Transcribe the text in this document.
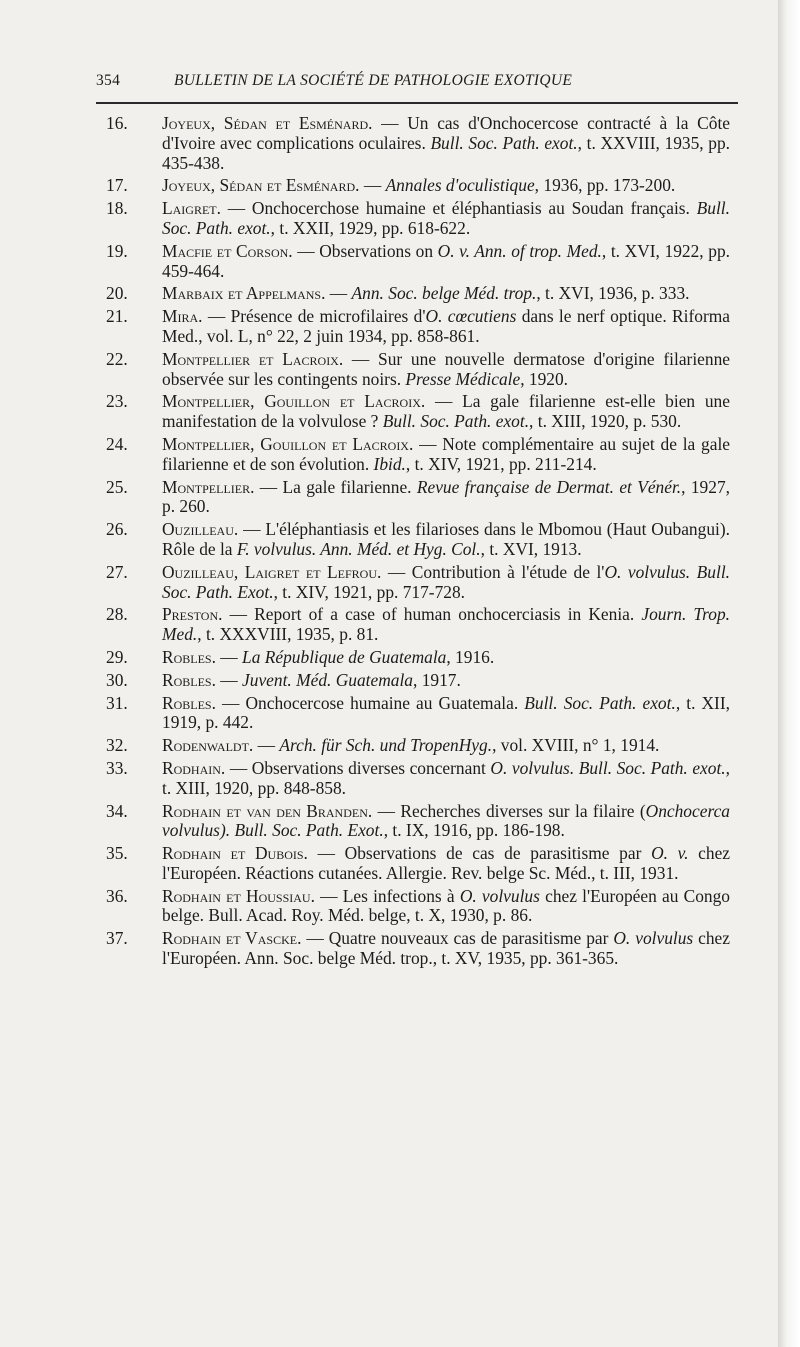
354	BULLETIN DE LA SOCIÉTÉ DE PATHOLOGIE EXOTIQUE
16. Joyeux, Sédan et Esménard. — Un cas d'Onchocercose contracté à la Côte d'Ivoire avec complications oculaires. Bull. Soc. Path. exot., t. XXVIII, 1935, pp. 435-438.
17. Joyeux, Sédan et Esménard. — Annales d'oculistique, 1936, pp. 173-200.
18. Laigret. — Onchocerchose humaine et éléphantiasis au Soudan français. Bull. Soc. Path. exot., t. XXII, 1929, pp. 618-622.
19. Macfie et Corson. — Observations on O. v. Ann. of trop. Med., t. XVI, 1922, pp. 459-464.
20. Marbaix et Appelmans. — Ann. Soc. belge Méd. trop., t. XVI, 1936, p. 333.
21. Mira. — Présence de microfilaires d'O. cœcutiens dans le nerf optique. Riforma Med., vol. L, n° 22, 2 juin 1934, pp. 858-861.
22. Montpellier et Lacroix. — Sur une nouvelle dermatose d'origine filarienne observée sur les contingents noirs. Presse Médicale, 1920.
23. Montpellier, Gouillon et Lacroix. — La gale filarienne est-elle bien une manifestation de la volvulose ? Bull. Soc. Path. exot., t. XIII, 1920, p. 530.
24. Montpellier, Gouillon et Lacroix. — Note complémentaire au sujet de la gale filarienne et de son évolution. Ibid., t. XIV, 1921, pp. 211-214.
25. Montpellier. — La gale filarienne. Revue française de Dermat. et Vénér., 1927, p. 260.
26. Ouzilleau. — L'éléphantiasis et les filarioses dans le Mbomou (Haut Oubangui). Rôle de la F. volvulus. Ann. Méd. et Hyg. Col., t. XVI, 1913.
27. Ouzilleau, Laigret et Lefrou. — Contribution à l'étude de l'O. volvulus. Bull. Soc. Path. Exot., t. XIV, 1921, pp. 717-728.
28. Preston. — Report of a case of human onchocerciasis in Kenia. Journ. Trop. Med., t. XXXVIII, 1935, p. 81.
29. Robles. — La République de Guatemala, 1916.
30. Robles. — Juvent. Méd. Guatemala, 1917.
31. Robles. — Onchocercose humaine au Guatemala. Bull. Soc. Path. exot., t. XII, 1919, p. 442.
32. Rodenwaldt. — Arch. für Sch. und TropenHyg., vol. XVIII, n° 1, 1914.
33. Rodhain. — Observations diverses concernant O. volvulus. Bull. Soc. Path. exot., t. XIII, 1920, pp. 848-858.
34. Rodhain et van den Branden. — Recherches diverses sur la filaire (Onchocerca volvulus). Bull. Soc. Path. Exot., t. IX, 1916, pp. 186-198.
35. Rodhain et Dubois. — Observations de cas de parasitisme par O. v. chez l'Européen. Réactions cutanées. Allergie. Rev. belge Sc. Méd., t. III, 1931.
36. Rodhain et Houssiau. — Les infections à O. volvulus chez l'Européen au Congo belge. Bull. Acad. Roy. Méd. belge, t. X, 1930, p. 86.
37. Rodhain et Vascke. — Quatre nouveaux cas de parasitisme par O. volvulus chez l'Européen. Ann. Soc. belge Méd. trop., t. XV, 1935, pp. 361-365.
